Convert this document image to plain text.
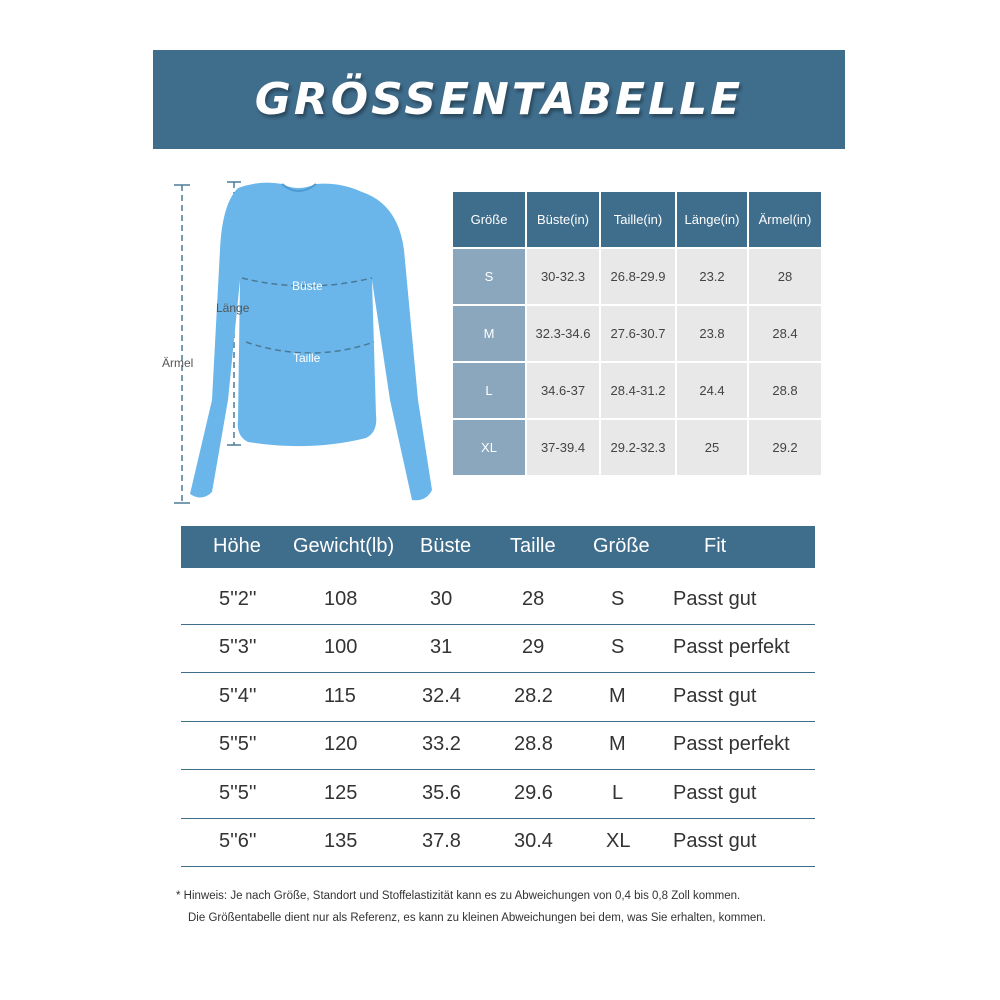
GRÖSSENTABELLE
Büste
Länge
Taille
Ärmel
Größe	Büste(in)	Taille(in)	Länge(in)	Ärmel(in)
S	30-32.3	26.8-29.9	23.2	28
M	32.3-34.6	27.6-30.7	23.8	28.4
L	34.6-37	28.4-31.2	24.4	28.8
XL	37-39.4	29.2-32.3	25	29.2
Höhe Gewicht(lb) Büste Taille Größe	Fit
5''2''	108	30	28	S Passt gut
5''3''	100	31	29	S Passt perfekt
5''4''	115	32.4	28.2	M Passt gut
5''5''	120	33.2	28.8	M Passt perfekt
5''5''	125	35.6	29.6	L Passt gut
5''6''	135	37.8	30.4	XL Passt gut
* Hinweis: Je nach Größe, Standort und Stoffelastizität kann es zu Abweichungen von 0,4 bis 0,8 Zoll kommen.
Die Größentabelle dient nur als Referenz, es kann zu kleinen Abweichungen bei dem, was Sie erhalten, kommen.
